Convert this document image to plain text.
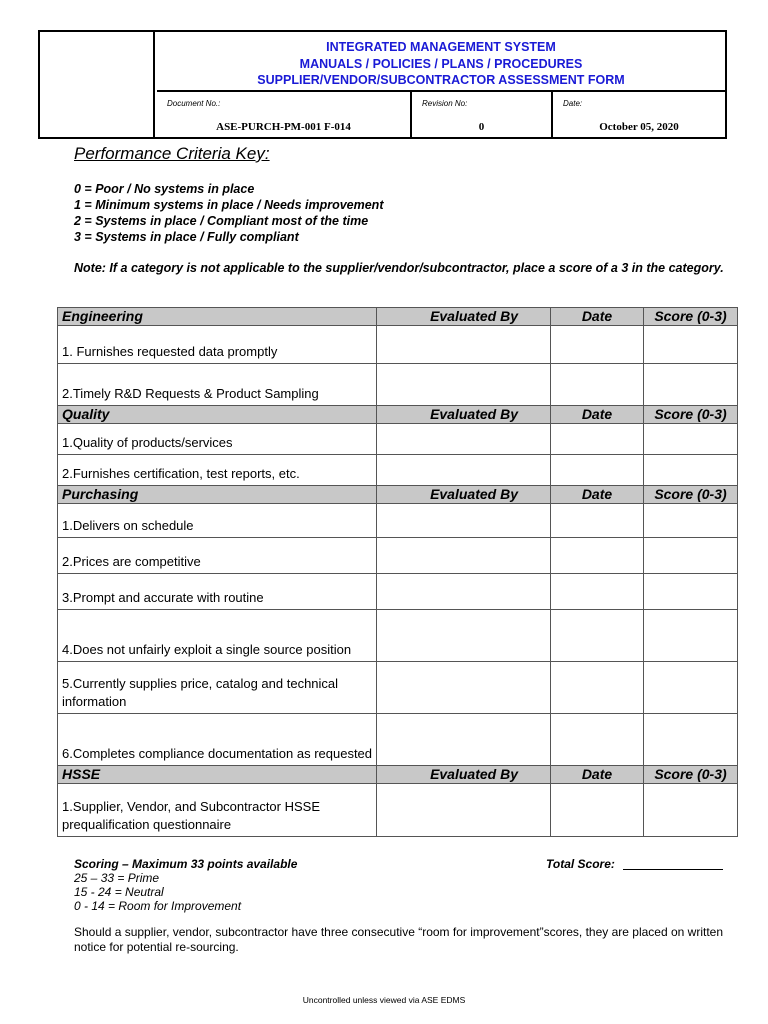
INTEGRATED MANAGEMENT SYSTEM
MANUALS / POLICIES / PLANS / PROCEDURES
SUPPLIER/VENDOR/SUBCONTRACTOR ASSESSMENT FORM
Document No.:
ASE-PURCH-PM-001 F-014
Revision No:
0
Date:
October 05, 2020
Performance Criteria Key:
0 = Poor / No systems in place
1 = Minimum systems in place / Needs improvement
2 = Systems in place / Compliant most of the time
3 = Systems in place / Fully compliant
Note: If a category is not applicable to the supplier/vendor/subcontractor, place a score of a 3 in the category.
Engineering	Evaluated By	Date	Score (0-3)
1. Furnishes requested data promptly			
2.Timely R&D Requests & Product Sampling			
Quality	Evaluated By	Date	Score (0-3)
1.Quality of products/services			
2.Furnishes certification, test reports, etc.			
Purchasing	Evaluated By	Date	Score (0-3)
1.Delivers on schedule			
2.Prices are competitive			
3.Prompt and accurate with routine			
4.Does not unfairly exploit a single source position			
5.Currently supplies price, catalog and technical information			
6.Completes compliance documentation as requested			
HSSE	Evaluated By	Date	Score (0-3)
1.Supplier, Vendor, and Subcontractor HSSE prequalification questionnaire			
Scoring – Maximum 33 points available
25 – 33 = Prime
15 - 24 = Neutral
0 - 14 = Room for Improvement
Total Score:
Should a supplier, vendor, subcontractor have three consecutive “room for improvement”scores, they are placed on written notice for potential re-sourcing.
Uncontrolled unless viewed via ASE EDMS
